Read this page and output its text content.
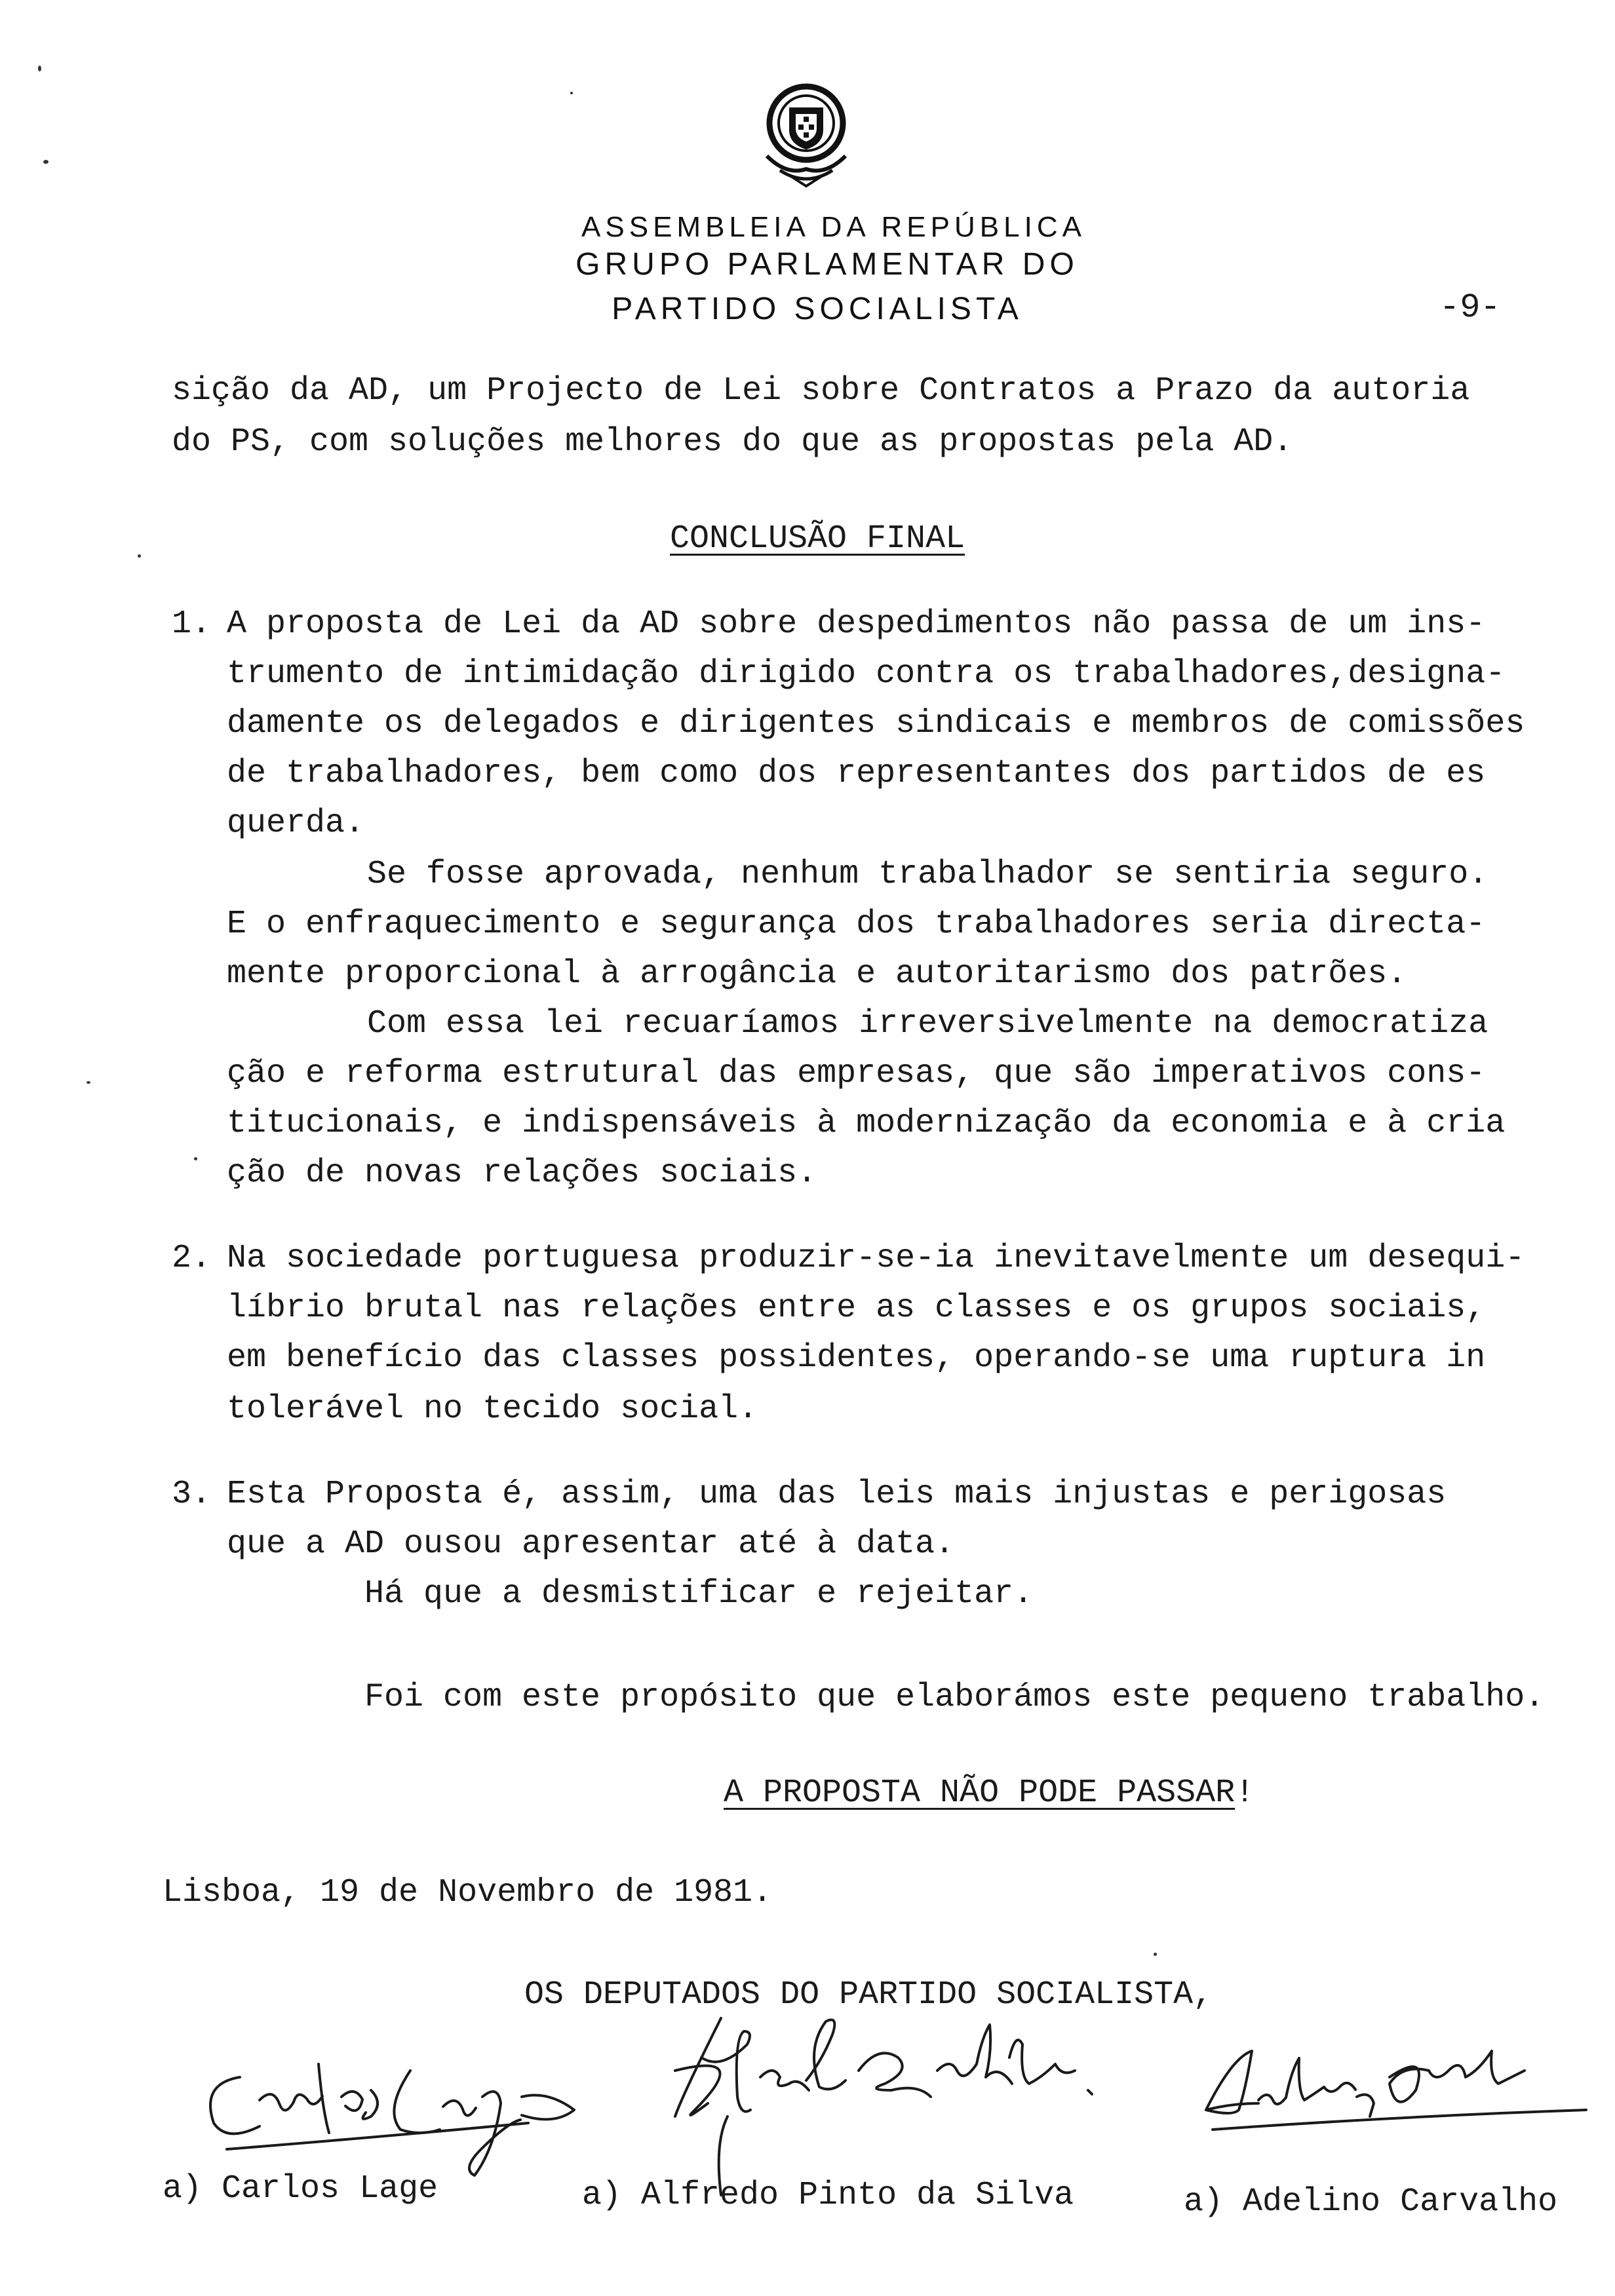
ASSEMBLEIA DA REPÚBLICA
GRUPO PARLAMENTAR DO
PARTIDO SOCIALISTA	-9-
sição da AD, um Projecto de Lei sobre Contratos a Prazo da autoria
do PS, com soluções melhores do que as propostas pela AD.
CONCLUSÃO FINAL
1. A proposta de Lei da AD sobre despedimentos não passa de um ins-
trumento de intimidação dirigido contra os trabalhadores,designa-
damente os delegados e dirigentes sindicais e membros de comissões
de trabalhadores, bem como dos representantes dos partidos de es
querda.
Se fosse aprovada, nenhum trabalhador se sentiria seguro.
E o enfraquecimento e segurança dos trabalhadores seria directa-
mente proporcional à arrogância e autoritarismo dos patrões.
Com essa lei recuaríamos irreversivelmente na democratiza
ção e reforma estrutural das empresas, que são imperativos cons-
titucionais, e indispensáveis à modernização da economia e à cria
ção de novas relações sociais.
2. Na sociedade portuguesa produzir-se-ia inevitavelmente um desequi-
líbrio brutal nas relações entre as classes e os grupos sociais,
em benefício das classes possidentes, operando-se uma ruptura in
tolerável no tecido social.
3. Esta Proposta é, assim, uma das leis mais injustas e perigosas
que a AD ousou apresentar até à data.
Há que a desmistificar e rejeitar.
Foi com este propósito que elaborámos este pequeno trabalho.
A PROPOSTA NÃO PODE PASSAR!
Lisboa, 19 de Novembro de 1981.
OS DEPUTADOS DO PARTIDO SOCIALISTA,
a) Carlos Lage	a) Alfredo Pinto da Silva	a) Adelino Carvalho
